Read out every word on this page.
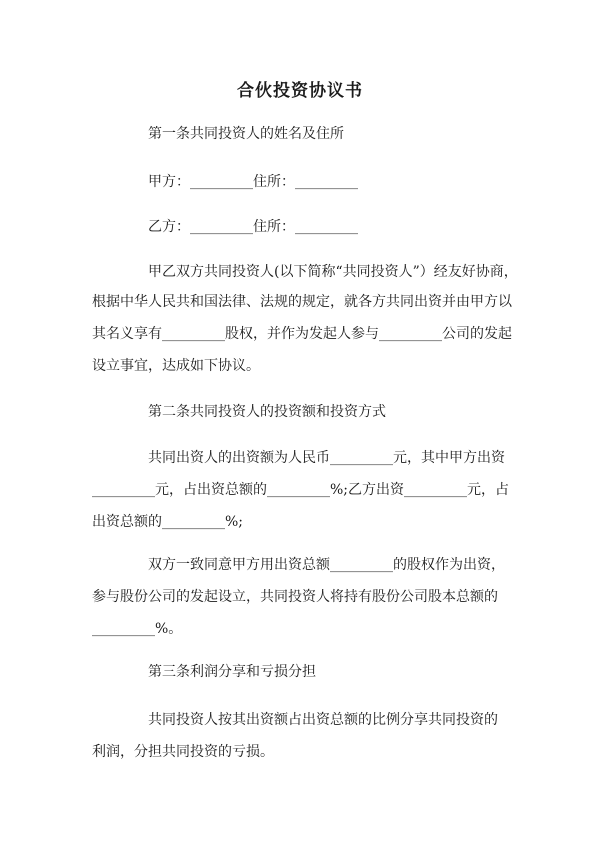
合伙投资协议书
第一条共同投资人的姓名及住所
甲方：_________住所：_________
乙方：_________住所：_________
甲乙双方共同投资人(以下简称“共同投资人”）经友好协商，
根据中华人民共和国法律、法规的规定，就各方共同出资并由甲方以
其名义享有_________股权，并作为发起人参与_________公司的发起
设立事宜，达成如下协议。
第二条共同投资人的投资额和投资方式
共同出资人的出资额为人民币_________元，其中甲方出资
_________元，占出资总额的_________%;乙方出资_________元，占
出资总额的_________%;
双方一致同意甲方用出资总额_________的股权作为出资，
参与股份公司的发起设立，共同投资人将持有股份公司股本总额的
_________%。
第三条利润分享和亏损分担
共同投资人按其出资额占出资总额的比例分享共同投资的
利润，分担共同投资的亏损。
